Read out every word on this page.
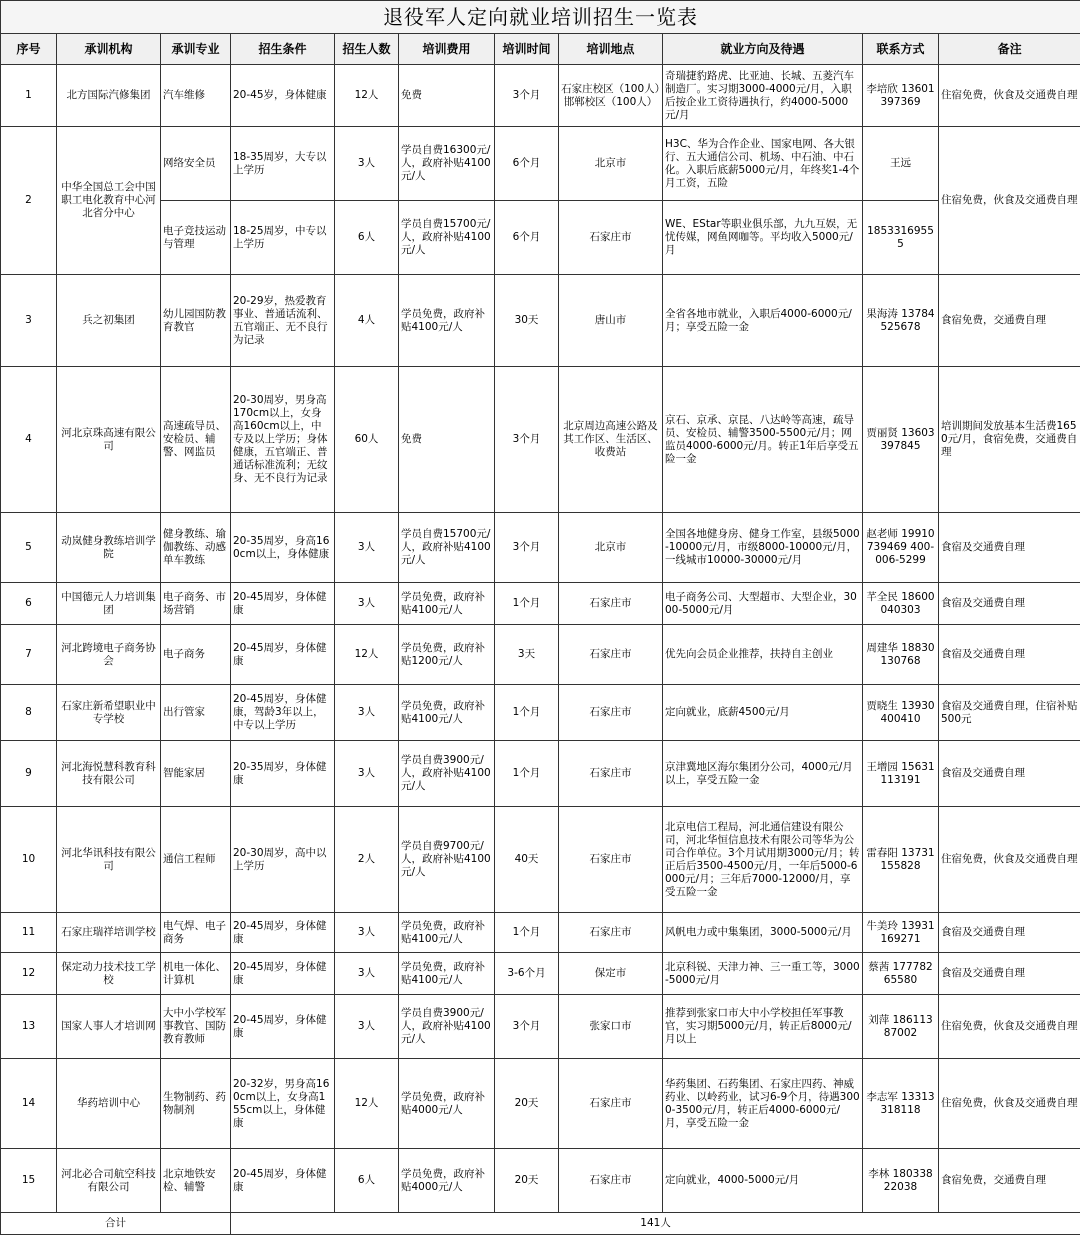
退役军人定向就业培训招生一览表										
序号	承训机构	承训专业	招生条件	招生人数	培训费用	培训时间	培训地点	就业方向及待遇	联系方式	备注
1	北方国际汽修集团	汽车维修	20-45岁，身体健康	12人	免费	3个月	石家庄校区（100人）邯郸校区（100人）	奇瑞捷豹路虎、比亚迪、长城、五菱汽车制造厂。实习期3000-4000元/月，入职后按企业工资待遇执行，约4000-5000元/月	李培欣 13601397369	住宿免费，伙食及交通费自理
2	中华全国总工会中国职工电化教育中心河北省分中心	网络安全员	18-35周岁，大专以上学历	3人	学员自费16300元/人，政府补贴4100元/人	6个月	北京市	H3C、华为合作企业、国家电网、各大银行、五大通信公司、机场、中石油、中石化。入职后底薪5000元/月，年终奖1-4个月工资，五险	王远	住宿免费，伙食及交通费自理
		电子竞技运动与管理	18-25周岁，中专以上学历	6人	学员自费15700元/人，政府补贴4100元/人	6个月	石家庄市	WE、EStar等职业俱乐部，九九互娱，无忧传媒，网鱼网咖等。平均收入5000元/月	18533169555	
3	兵之初集团	幼儿园国防教育教官	20-29岁，热爱教育事业、普通话流利、五官端正、无不良行为记录	4人	学员免费，政府补贴4100元/人	30天	唐山市	全省各地市就业，入职后4000-6000元/月；享受五险一金	果海涛 13784525678	食宿免费，交通费自理
4	河北京珠高速有限公司	高速疏导员、安检员、辅警、网监员	20-30周岁，男身高170cm以上，女身高160cm以上，中专及以上学历；身体健康，五官端正、普通话标准流利；无纹身、无不良行为记录	60人	免费	3个月	北京周边高速公路及其工作区、生活区、收费站	京石、京承、京昆、八达岭等高速，疏导员、安检员、辅警3500-5500元/月；网监员4000-6000元/月。转正1年后享受五险一金	贾丽贤 13603397845	培训期间发放基本生活费1650元/月，食宿免费，交通费自理
5	动岚健身教练培训学院	健身教练、瑜伽教练、动感单车教练	20-35周岁，身高160cm以上，身体健康	3人	学员自费15700元/人，政府补贴4100元/人	3个月	北京市	全国各地健身房、健身工作室，县级5000-10000元/月，市级8000-10000元/月，一线城市10000-30000元/月	赵老师 19910739469 400-006-5299	食宿及交通费自理
6	中国德元人力培训集团	电子商务、市场营销	20-45周岁，身体健康	3人	学员免费，政府补贴4100元/人	1个月	石家庄市	电子商务公司、大型超市、大型企业，3000-5000元/月	芊全民 18600040303	食宿及交通费自理
7	河北跨境电子商务协会	电子商务	20-45周岁，身体健康	12人	学员免费，政府补贴1200元/人	3天	石家庄市	优先向会员企业推荐，扶持自主创业	周建华 18830130768	食宿及交通费自理
8	石家庄新希望职业中专学校	出行管家	20-45周岁，身体健康，驾龄3年以上，中专以上学历	3人	学员免费，政府补贴4100元/人	1个月	石家庄市	定向就业，底薪4500元/月	贾晓生 13930400410	食宿及交通费自理，住宿补贴500元
9	河北海悦慧科教育科技有限公司	智能家居	20-35周岁，身体健康	3人	学员自费3900元/人，政府补贴4100元/人	1个月	石家庄市	京津冀地区海尔集团分公司，4000元/月以上，享受五险一金	王增园 15631113191	食宿及交通费自理
10	河北华讯科技有限公司	通信工程师	20-30周岁，高中以上学历	2人	学员自费9700元/人，政府补贴4100元/人	40天	石家庄市	北京电信工程局，河北通信建设有限公司，河北华恒信息技术有限公司等华为公司合作单位。3个月试用期3000元/月；转正后后3500-4500元/月，一年后5000-6000元/月；三年后7000-12000/月，享受五险一金	雷春阳 13731155828	住宿免费，伙食及交通费自理
11	石家庄瑞祥培训学校	电气焊、电子商务	20-45周岁，身体健康	3人	学员免费，政府补贴4100元/人	1个月	石家庄市	风帆电力或中集集团，3000-5000元/月	牛美玲 13931169271	食宿及交通费自理
12	保定动力技术技工学校	机电一体化、计算机	20-45周岁，身体健康	3人	学员免费，政府补贴4100元/人	3-6个月	保定市	北京科锐、天津力神、三一重工等，3000-5000元/月	蔡茜 17778265580	食宿及交通费自理
13	国家人事人才培训网	大中小学校军事教官、国防教育教师	20-45周岁，身体健康	3人	学员自费3900元/人，政府补贴4100元/人	3个月	张家口市	推荐到张家口市大中小学校担任军事教官，实习期5000元/月，转正后8000元/月以上	刘萍 18611387002	住宿免费，伙食及交通费自理
14	华药培训中心	生物制药、药物制剂	20-32岁，男身高160cm以上，女身高155cm以上，身体健康	12人	学员免费，政府补贴4000元/人	20天	石家庄市	华药集团、石药集团、石家庄四药、神威药业、以岭药业，试习6-9个月，待遇3000-3500元/月，转正后4000-6000元/月，享受五险一金	李志军 13313318118	住宿免费，伙食及交通费自理
15	河北必合司航空科技有限公司	北京地铁安检、辅警	20-45周岁，身体健康	6人	学员免费，政府补贴4000元/人	20天	石家庄市	定向就业，4000-5000元/月	李林 18033822038	食宿免费，交通费自理
合计			141人							
